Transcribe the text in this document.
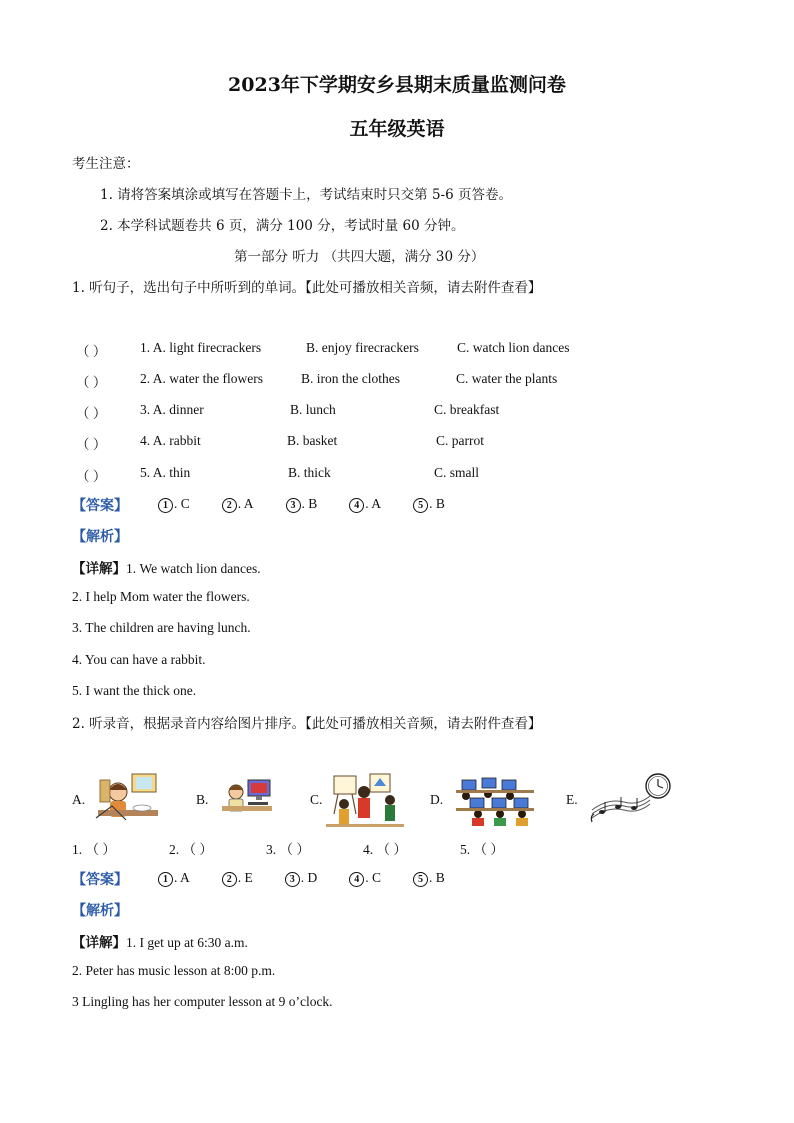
2023年下学期安乡县期末质量监测问卷
五年级英语
考生注意：
1. 请将答案填涂或填写在答题卡上，考试结束时只交第 5-6 页答卷。
2. 本学科试题卷共 6 页，满分 100 分，考试时量 60 分钟。
第一部分 听力 （共四大题，满分 30 分）
1. 听句子，选出句子中所听到的单词。【此处可播放相关音频，请去附件查看】
（ ） 1. A. light firecrackers	B. enjoy firecrackers	C. watch lion dances
（ ） 2. A. water the flowers	B. iron the clothes	C. water the plants
（ ） 3. A. dinner	B. lunch	C. breakfast
（ ） 4. A. rabbit	B. basket	C. parrot
（ ） 5. A. thin	B. thick	C. small
【答案】	1 . C	2 . A	3 . B	4 . A	5 . B
【解析】
【详解】1. We watch lion dances.
2. I help Mom water the flowers.
3. The children are having lunch.
4. You can have a rabbit.
5. I want the thick one.
2. 听录音，根据录音内容给图片排序。【此处可播放相关音频，请去附件查看】
A.	B.	C.	D.	E.
1. （ ）	2. （ ）	3. （ ）	4. （ ）	5. （ ）
【答案】	1 . A	2 . E	3 . D	4 . C	5 . B
【解析】
【详解】1. I get up at 6:30 a.m.
2. Peter has music lesson at 8:00 p.m.
3 Lingling has her computer lesson at 9 o’clock.
